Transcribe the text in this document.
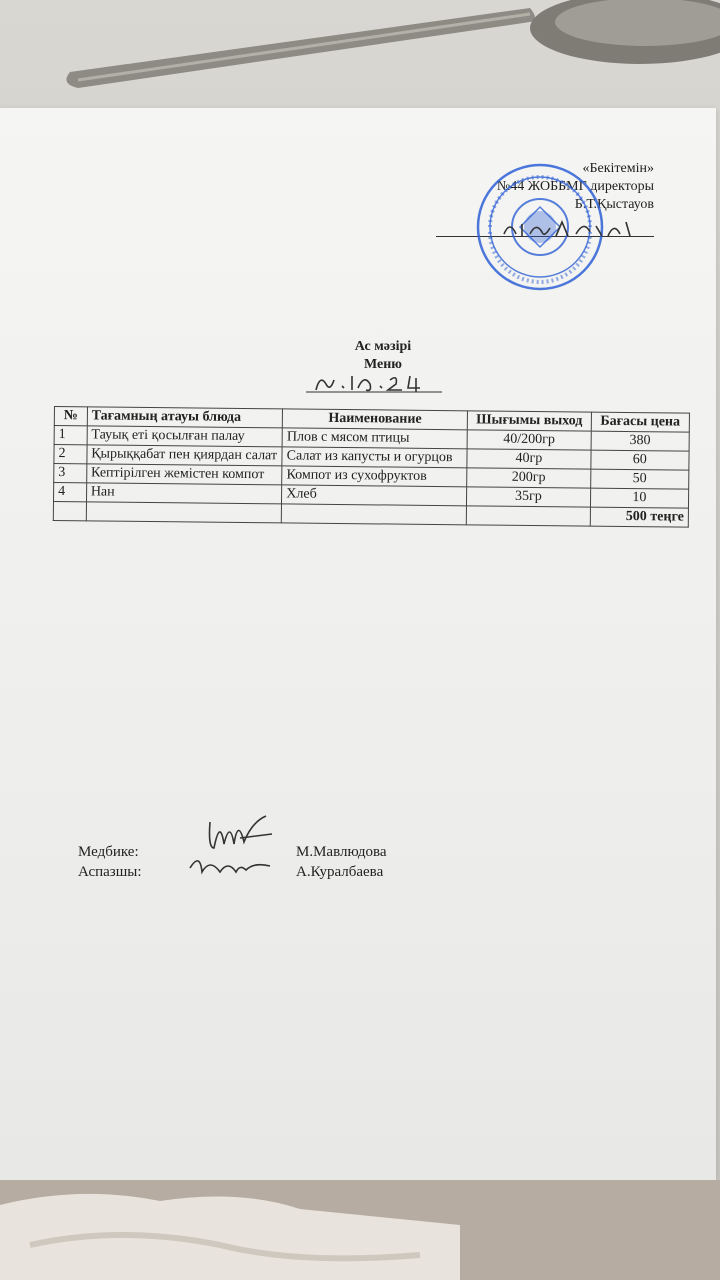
«Бекітемін»
№44 ЖОББМГ директоры
Б.Т.Қыстауов
Ас мәзірі
Меню
№	Тағамның атауы блюда	Наименование	Шығымы выход	Бағасы цена
1	Тауық еті қосылған палау	Плов с мясом птицы	40/200гр	380
2	Қырыққабат пен қиярдан салат	Салат из капусты и огурцов	40гр	60
3	Кептірілген жемістен компот	Компот из сухофруктов	200гр	50
4	Нан	Хлеб	35гр	10
				500 теңге
Медбике:	М.Мавлюдова
Аспазшы:	А.Куралбаева
